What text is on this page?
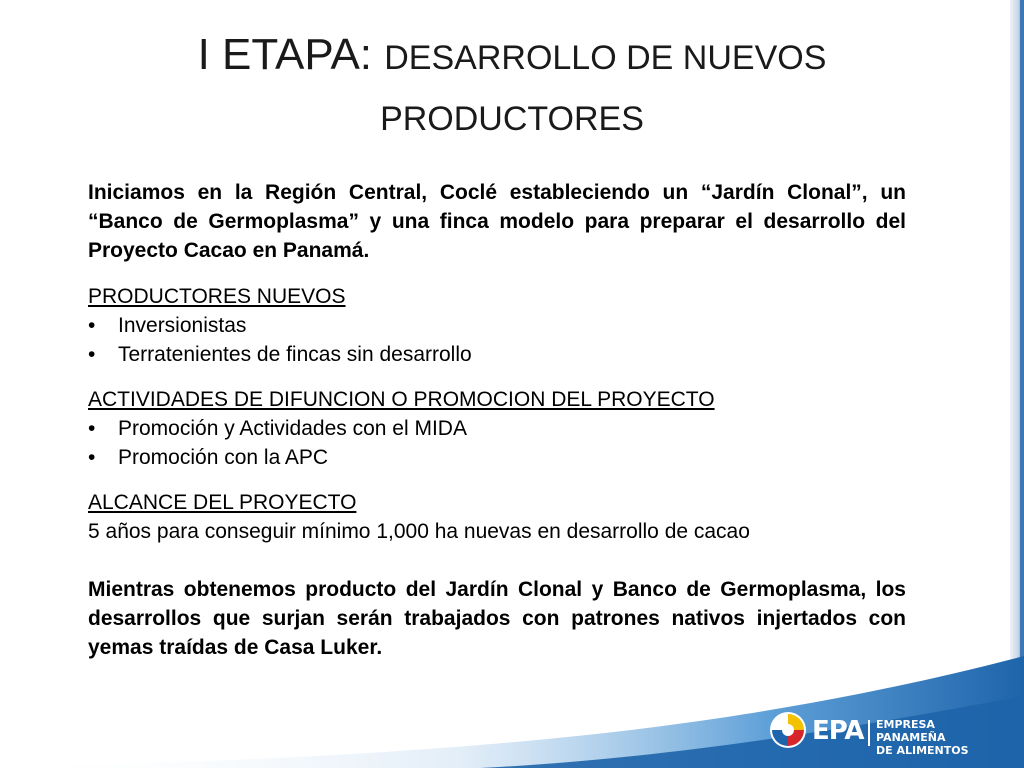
I ETAPA: DESARROLLO DE NUEVOS
PRODUCTORES

Iniciamos en la Región Central, Coclé estableciendo un “Jardín Clonal”, un “Banco de Germoplasma” y una finca modelo para preparar el desarrollo del Proyecto Cacao en Panamá.

PRODUCTORES NUEVOS

• Inversionistas

• Terratenientes de fincas sin desarrollo

ACTIVIDADES DE DIFUNCION O PROMOCION DEL PROYECTO

• Promoción y Actividades con el MIDA

• Promoción con la APC

ALCANCE DEL PROYECTO

5 años para conseguir mínimo 1,000 ha nuevas en desarrollo de cacao

Mientras obtenemos producto del Jardín Clonal y Banco de Germoplasma, los desarrollos que surjan serán trabajados con patrones nativos injertados con yemas traídas de Casa Luker.

EPA EMPRESA PANAMEÑA
DE ALIMENTOS
